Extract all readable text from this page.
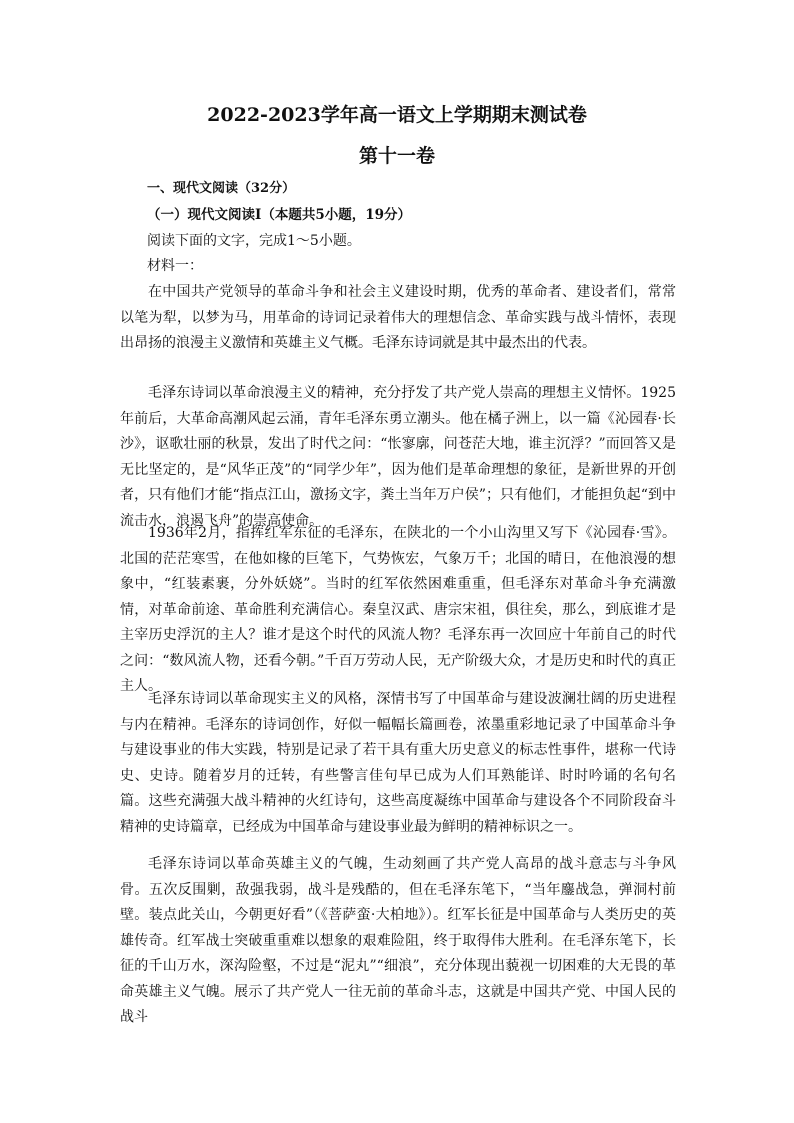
2022-2023学年高一语文上学期期末测试卷
第十一卷
一、现代文阅读（32分）
（一）现代文阅读Ⅰ（本题共5小题，19分）
阅读下面的文字，完成1～5小题。
材料一：

在中国共产党领导的革命斗争和社会主义建设时期，优秀的革命者、建设者们，常常以笔为犁，以梦为马，用革命的诗词记录着伟大的理想信念、革命实践与战斗情怀，表现出昂扬的浪漫主义激情和英雄主义气概。毛泽东诗词就是其中最杰出的代表。

毛泽东诗词以革命浪漫主义的精神，充分抒发了共产党人崇高的理想主义情怀。1925年前后，大革命高潮风起云涌，青年毛泽东勇立潮头。他在橘子洲上，以一篇《沁园春·长沙》，讴歌壮丽的秋景，发出了时代之问：“怅寥廓，问苍茫大地，谁主沉浮？”而回答又是无比坚定的，是“风华正茂”的“同学少年”，因为他们是革命理想的象征，是新世界的开创者，只有他们才能“指点江山，激扬文字，粪土当年万户侯”；只有他们，才能担负起“到中流击水，浪遏飞舟”的崇高使命。

1936年2月，指挥红军东征的毛泽东，在陕北的一个小山沟里又写下《沁园春·雪》。北国的茫茫寒雪，在他如椽的巨笔下，气势恢宏，气象万千；北国的晴日，在他浪漫的想象中，“红装素裹，分外妖娆”。当时的红军依然困难重重，但毛泽东对革命斗争充满激情，对革命前途、革命胜利充满信心。秦皇汉武、唐宗宋祖，俱往矣，那么，到底谁才是主宰历史浮沉的主人？谁才是这个时代的风流人物？毛泽东再一次回应十年前自己的时代之问：“数风流人物，还看今朝。”千百万劳动人民，无产阶级大众，才是历史和时代的真正主人。

毛泽东诗词以革命现实主义的风格，深情书写了中国革命与建设波澜壮阔的历史进程与内在精神。毛泽东的诗词创作，好似一幅幅长篇画卷，浓墨重彩地记录了中国革命斗争与建设事业的伟大实践，特别是记录了若干具有重大历史意义的标志性事件，堪称一代诗史、史诗。随着岁月的迁转，有些警言佳句早已成为人们耳熟能详、时时吟诵的名句名篇。这些充满强大战斗精神的火红诗句，这些高度凝练中国革命与建设各个不同阶段奋斗精神的史诗篇章，已经成为中国革命与建设事业最为鲜明的精神标识之一。

毛泽东诗词以革命英雄主义的气魄，生动刻画了共产党人高昂的战斗意志与斗争风骨。五次反围剿，敌强我弱，战斗是残酷的，但在毛泽东笔下，“当年鏖战急，弹洞村前壁。装点此关山，今朝更好看”（《菩萨蛮·大柏地》）。红军长征是中国革命与人类历史的英雄传奇。红军战士突破重重难以想象的艰难险阻，终于取得伟大胜利。在毛泽东笔下，长征的千山万水，深沟险壑，不过是“泥丸”“细浪”，充分体现出藐视一切困难的大无畏的革命英雄主义气魄。展示了共产党人一往无前的革命斗志，这就是中国共产党、中国人民的战斗
